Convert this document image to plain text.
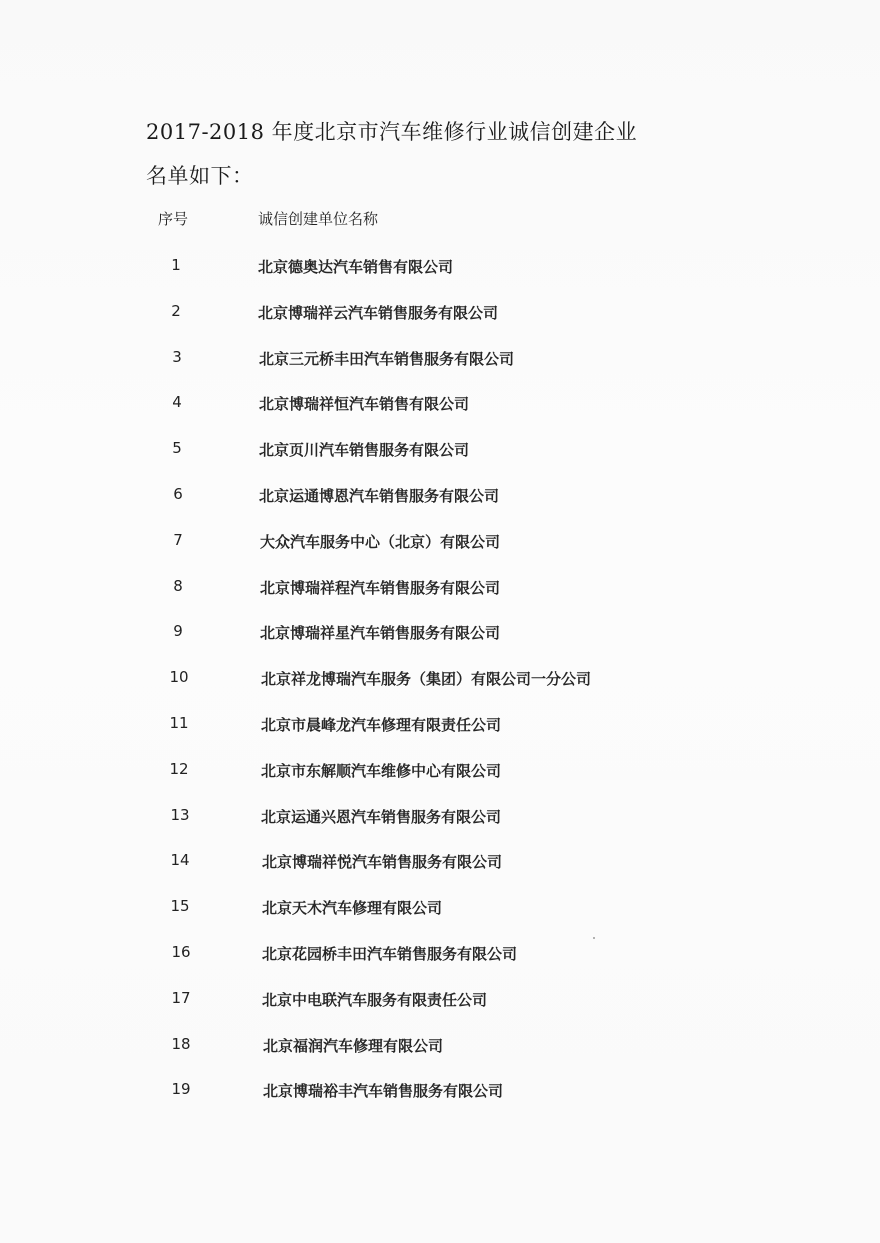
2017-2018 年度北京市汽车维修行业诚信创建企业
名单如下：
序号	诚信创建单位名称
1	北京德奥达汽车销售有限公司
2	北京博瑞祥云汽车销售服务有限公司
3	北京三元桥丰田汽车销售服务有限公司
4	北京博瑞祥恒汽车销售有限公司
5	北京页川汽车销售服务有限公司
6	北京运通博恩汽车销售服务有限公司
7	大众汽车服务中心（北京）有限公司
8	北京博瑞祥程汽车销售服务有限公司
9	北京博瑞祥星汽车销售服务有限公司
10	北京祥龙博瑞汽车服务（集团）有限公司一分公司
11	北京市晨峰龙汽车修理有限责任公司
12	北京市东解顺汽车维修中心有限公司
13	北京运通兴恩汽车销售服务有限公司
14	北京博瑞祥悦汽车销售服务有限公司
15	北京天木汽车修理有限公司
16	北京花园桥丰田汽车销售服务有限公司
17	北京中电联汽车服务有限责任公司
18	北京福润汽车修理有限公司
19	北京博瑞裕丰汽车销售服务有限公司
